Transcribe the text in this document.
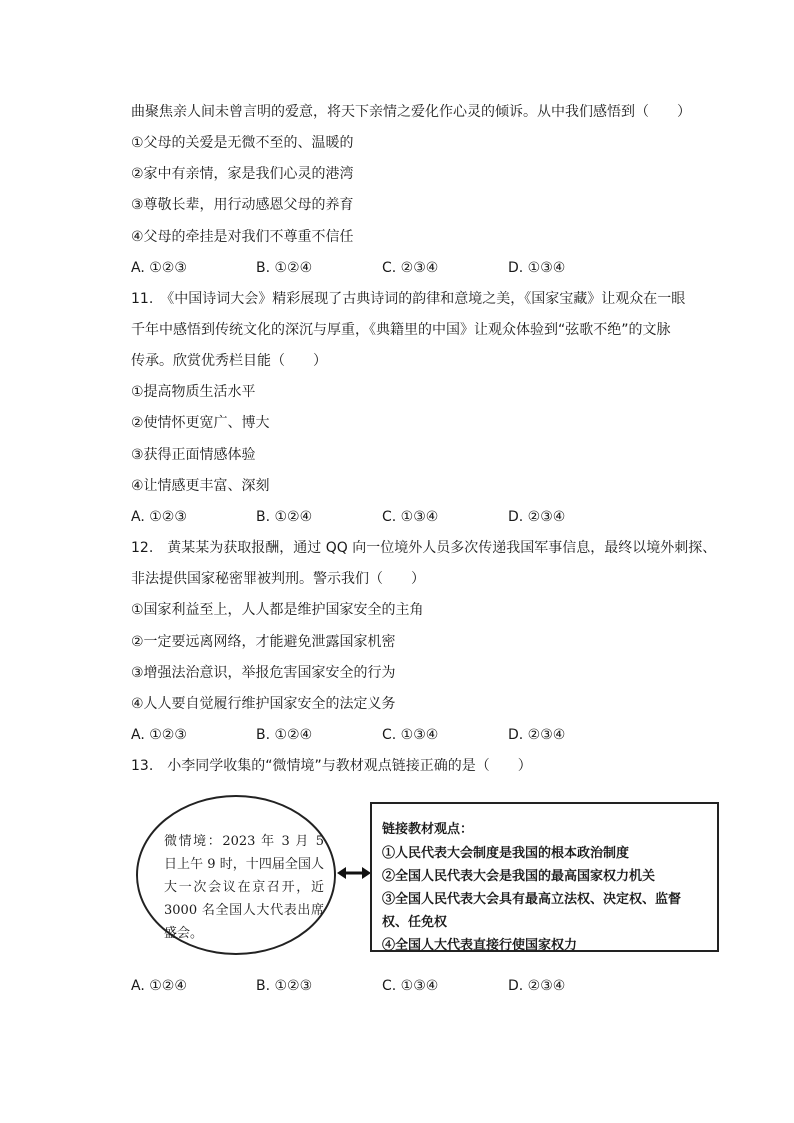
曲聚焦亲人间未曾言明的爱意，将天下亲情之爱化作心灵的倾诉。从中我们感悟到（　　）
①父母的关爱是无微不至的、温暖的
②家中有亲情，家是我们心灵的港湾
③尊敬长辈，用行动感恩父母的养育
④父母的牵挂是对我们不尊重不信任
A. ①②③	B. ①②④	C. ②③④	D. ①③④
11.　《中国诗词大会》精彩展现了古典诗词的韵律和意境之美，《国家宝藏》让观众在一眼
千年中感悟到传统文化的深沉与厚重，《典籍里的中国》让观众体验到“弦歌不绝”的文脉
传承。欣赏优秀栏目能（　　）
①提高物质生活水平
②使情怀更宽广、博大
③获得正面情感体验
④让情感更丰富、深刻
A. ①②③	B. ①②④	C. ①③④	D. ②③④
12.　黄某某为获取报酬，通过 QQ 向一位境外人员多次传递我国军事信息，最终以境外刺探、
非法提供国家秘密罪被判刑。警示我们（　　）
①国家利益至上，人人都是维护国家安全的主角
②一定要远离网络，才能避免泄露国家机密
③增强法治意识，举报危害国家安全的行为
④人人要自觉履行维护国家安全的法定义务
A. ①②③	B. ①②④	C. ①③④	D. ②③④
13.　小李同学收集的“微情境”与教材观点链接正确的是（　　）
微情境：2023 年 3 月 5 日上午 9 时，十四届全国人大一次会议在京召开，近 3000 名全国人大代表出席盛会。
链接教材观点：
①人民代表大会制度是我国的根本政治制度
②全国人民代表大会是我国的最高国家权力机关
③全国人民代表大会具有最高立法权、决定权、监督
权、任免权
④全国人大代表直接行使国家权力
A. ①②④	B. ①②③	C. ①③④	D. ②③④
